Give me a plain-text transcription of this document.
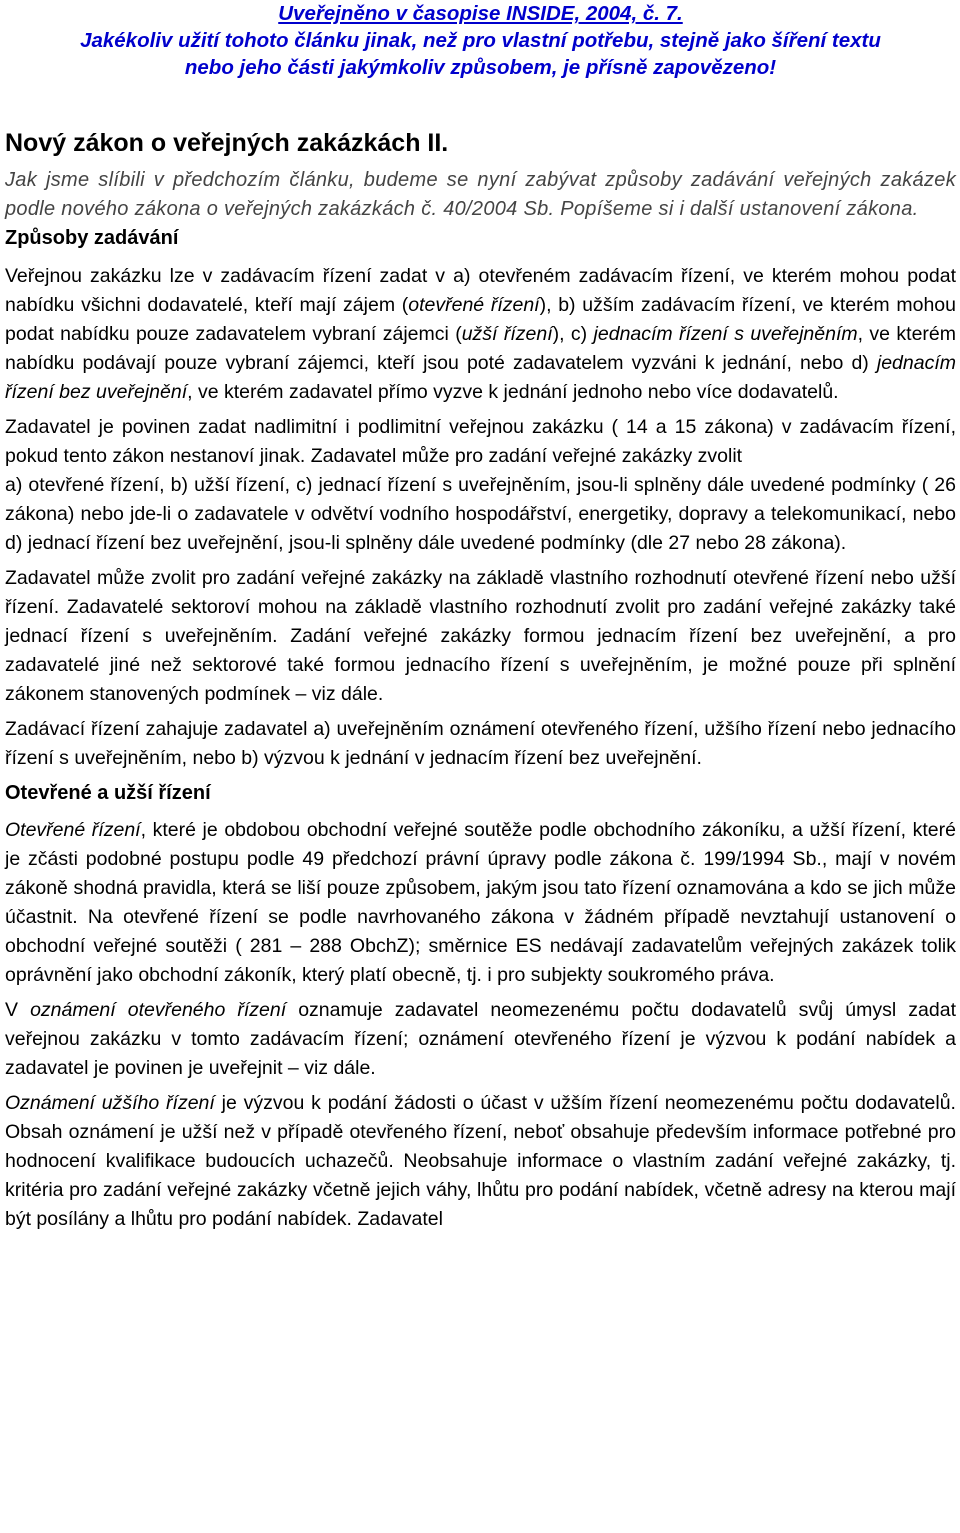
Uveřejněno v časopise INSIDE, 2004, č. 7.
Jakékoliv užití tohoto článku jinak, než pro vlastní potřebu, stejně jako šíření textu
nebo jeho části jakýmkoliv způsobem, je přísně zapovězeno!
Nový zákon o veřejných zakázkách II.

Jak jsme slíbili v předchozím článku, budeme se nyní zabývat způsoby zadávání veřejných zakázek podle nového zákona o veřejných zakázkách č. 40/2004 Sb. Popíšeme si i další ustanovení zákona.

Způsoby zadávání

Veřejnou zakázku lze v zadávacím řízení zadat v a) otevřeném zadávacím řízení, ve kterém mohou podat nabídku všichni dodavatelé, kteří mají zájem (otevřené řízení), b) užším zadávacím řízení, ve kterém mohou podat nabídku pouze zadavatelem vybraní zájemci (užší řízení), c) jednacím řízení s uveřejněním, ve kterém nabídku podávají pouze vybraní zájemci, kteří jsou poté zadavatelem vyzváni k jednání, nebo d) jednacím řízení bez uveřejnění, ve kterém zadavatel přímo vyzve k jednání jednoho nebo více dodavatelů.

Zadavatel je povinen zadat nadlimitní i podlimitní veřejnou zakázku ( 14 a 15 zákona) v zadávacím řízení, pokud tento zákon nestanoví jinak. Zadavatel může pro zadání veřejné zakázky zvolit

a) otevřené řízení, b) užší řízení, c) jednací řízení s uveřejněním, jsou-li splněny dále uvedené podmínky ( 26 zákona) nebo jde-li o zadavatele v odvětví vodního hospodářství, energetiky, dopravy a telekomunikací, nebo d) jednací řízení bez uveřejnění, jsou-li splněny dále uvedené podmínky (dle 27 nebo 28 zákona).

Zadavatel může zvolit pro zadání veřejné zakázky na základě vlastního rozhodnutí otevřené řízení nebo užší řízení. Zadavatelé sektoroví mohou na základě vlastního rozhodnutí zvolit pro zadání veřejné zakázky také jednací řízení s uveřejněním. Zadání veřejné zakázky formou jednacím řízení bez uveřejnění, a pro zadavatelé jiné než sektorové také formou jednacího řízení s uveřejněním, je možné pouze při splnění zákonem stanovených podmínek – viz dále.

Zadávací řízení zahajuje zadavatel a) uveřejněním oznámení otevřeného řízení, užšího řízení nebo jednacího řízení s uveřejněním, nebo b) výzvou k jednání v jednacím řízení bez uveřejnění.

Otevřené a užší řízení

Otevřené řízení, které je obdobou obchodní veřejné soutěže podle obchodního zákoníku, a užší řízení, které je zčásti podobné postupu podle 49 předchozí právní úpravy podle zákona č. 199/1994 Sb., mají v novém zákoně shodná pravidla, která se liší pouze způsobem, jakým jsou tato řízení oznamována a kdo se jich může účastnit. Na otevřené řízení se podle navrhovaného zákona v žádném případě nevztahují ustanovení o obchodní veřejné soutěži ( 281 – 288 ObchZ); směrnice ES nedávají zadavatelům veřejných zakázek tolik oprávnění jako obchodní zákoník, který platí obecně, tj. i pro subjekty soukromého práva.

V oznámení otevřeného řízení oznamuje zadavatel neomezenému počtu dodavatelů svůj úmysl zadat veřejnou zakázku v tomto zadávacím řízení; oznámení otevřeného řízení je výzvou k podání nabídek a zadavatel je povinen je uveřejnit – viz dále.

Oznámení užšího řízení je výzvou k podání žádosti o účast v užším řízení neomezenému počtu dodavatelů. Obsah oznámení je užší než v případě otevřeného řízení, neboť obsahuje především informace potřebné pro hodnocení kvalifikace budoucích uchazečů. Neobsahuje informace o vlastním zadání veřejné zakázky, tj. kritéria pro zadání veřejné zakázky včetně jejich váhy, lhůtu pro podání nabídek, včetně adresy na kterou mají být posílány a lhůtu pro podání nabídek. Zadavatel
